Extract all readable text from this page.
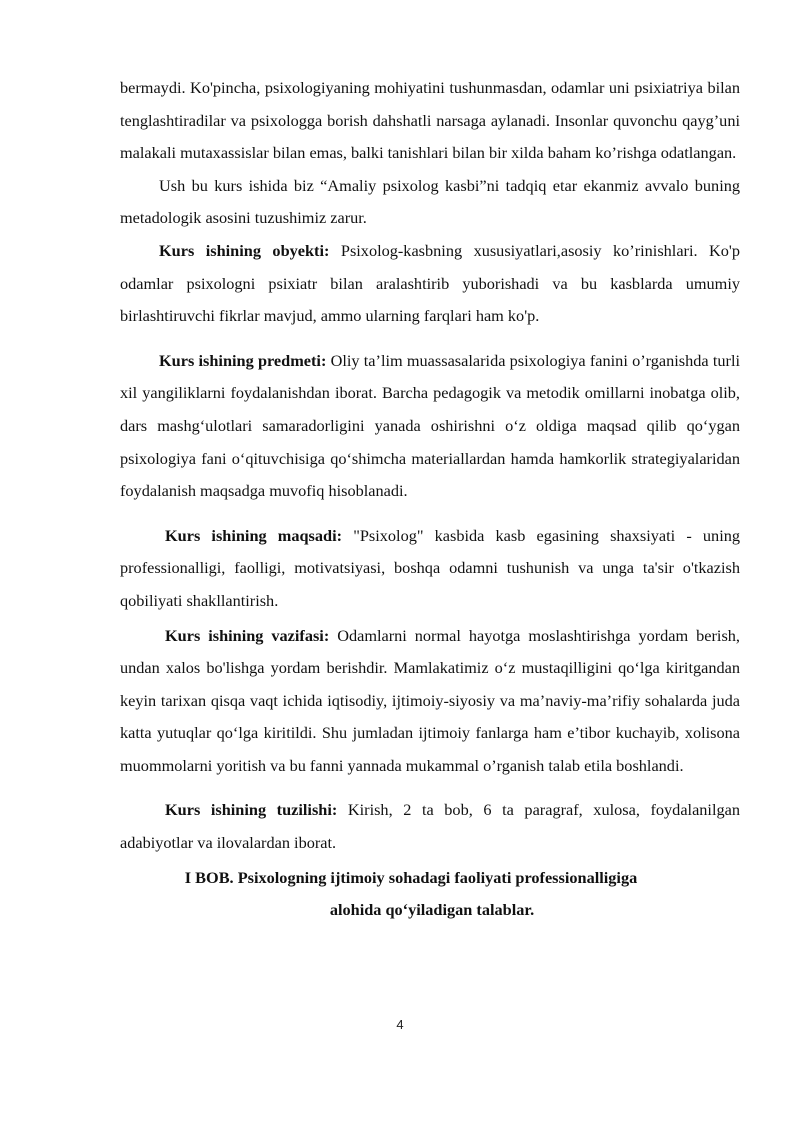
bermaydi. Ko'pincha, psixologiyaning mohiyatini tushunmasdan, odamlar uni psixiatriya bilan tenglashtiradilar va psixologga borish dahshatli narsaga aylanadi. Insonlar quvonchu qayg’uni malakali mutaxassislar bilan emas, balki tanishlari bilan bir xilda baham ko’rishga odatlangan.

Ush bu kurs ishida biz “Amaliy psixolog kasbi”ni tadqiq etar ekanmiz avvalo buning metadologik asosini tuzushimiz zarur.

Kurs ishining obyekti: Psixolog-kasbning xususiyatlari,asosiy ko’rinishlari. Ko'p odamlar psixologni psixiatr bilan aralashtirib yuborishadi va bu kasblarda umumiy birlashtiruvchi fikrlar mavjud, ammo ularning farqlari ham ko'p.

Kurs ishining predmeti: Oliy ta’lim muassasalarida psixologiya fanini o’rganishda turli xil yangiliklarni foydalanishdan iborat. Barcha pedagogik va metodik omillarni inobatga olib, dars mashg‘ulotlari samaradorligini yanada oshirishni o‘z oldiga maqsad qilib qo‘ygan psixologiya fani o‘qituvchisiga qo‘shimcha materiallardan hamda hamkorlik strategiyalaridan foydalanish maqsadga muvofiq hisoblanadi.

Kurs ishining maqsadi: "Psixolog" kasbida kasb egasining shaxsiyati - uning professionalligi, faolligi, motivatsiyasi, boshqa odamni tushunish va unga ta'sir o'tkazish qobiliyati shakllantirish.

Kurs ishining vazifasi: Odamlarni normal hayotga moslashtirishga yordam berish, undan xalos bo'lishga yordam berishdir. Mamlakatimiz o‘z mustaqilligini qo‘lga kiritgandan keyin tarixan qisqa vaqt ichida iqtisodiy, ijtimoiy-siyosiy va ma’naviy-ma’rifiy sohalarda juda katta yutuqlar qo‘lga kiritildi. Shu jumladan ijtimoiy fanlarga ham e’tibor kuchayib, xolisona muommolarni yoritish va bu fanni yannada mukammal o’rganish talab etila boshlandi.

Kurs ishining tuzilishi: Kirish, 2 ta bob, 6 ta paragraf, xulosa, foydalanilgan adabiyotlar va ilovalardan iborat.

I BOB. Psixologning ijtimoiy sohadagi faoliyati professionalligiga
alohida qo‘yiladigan talablar.

4
